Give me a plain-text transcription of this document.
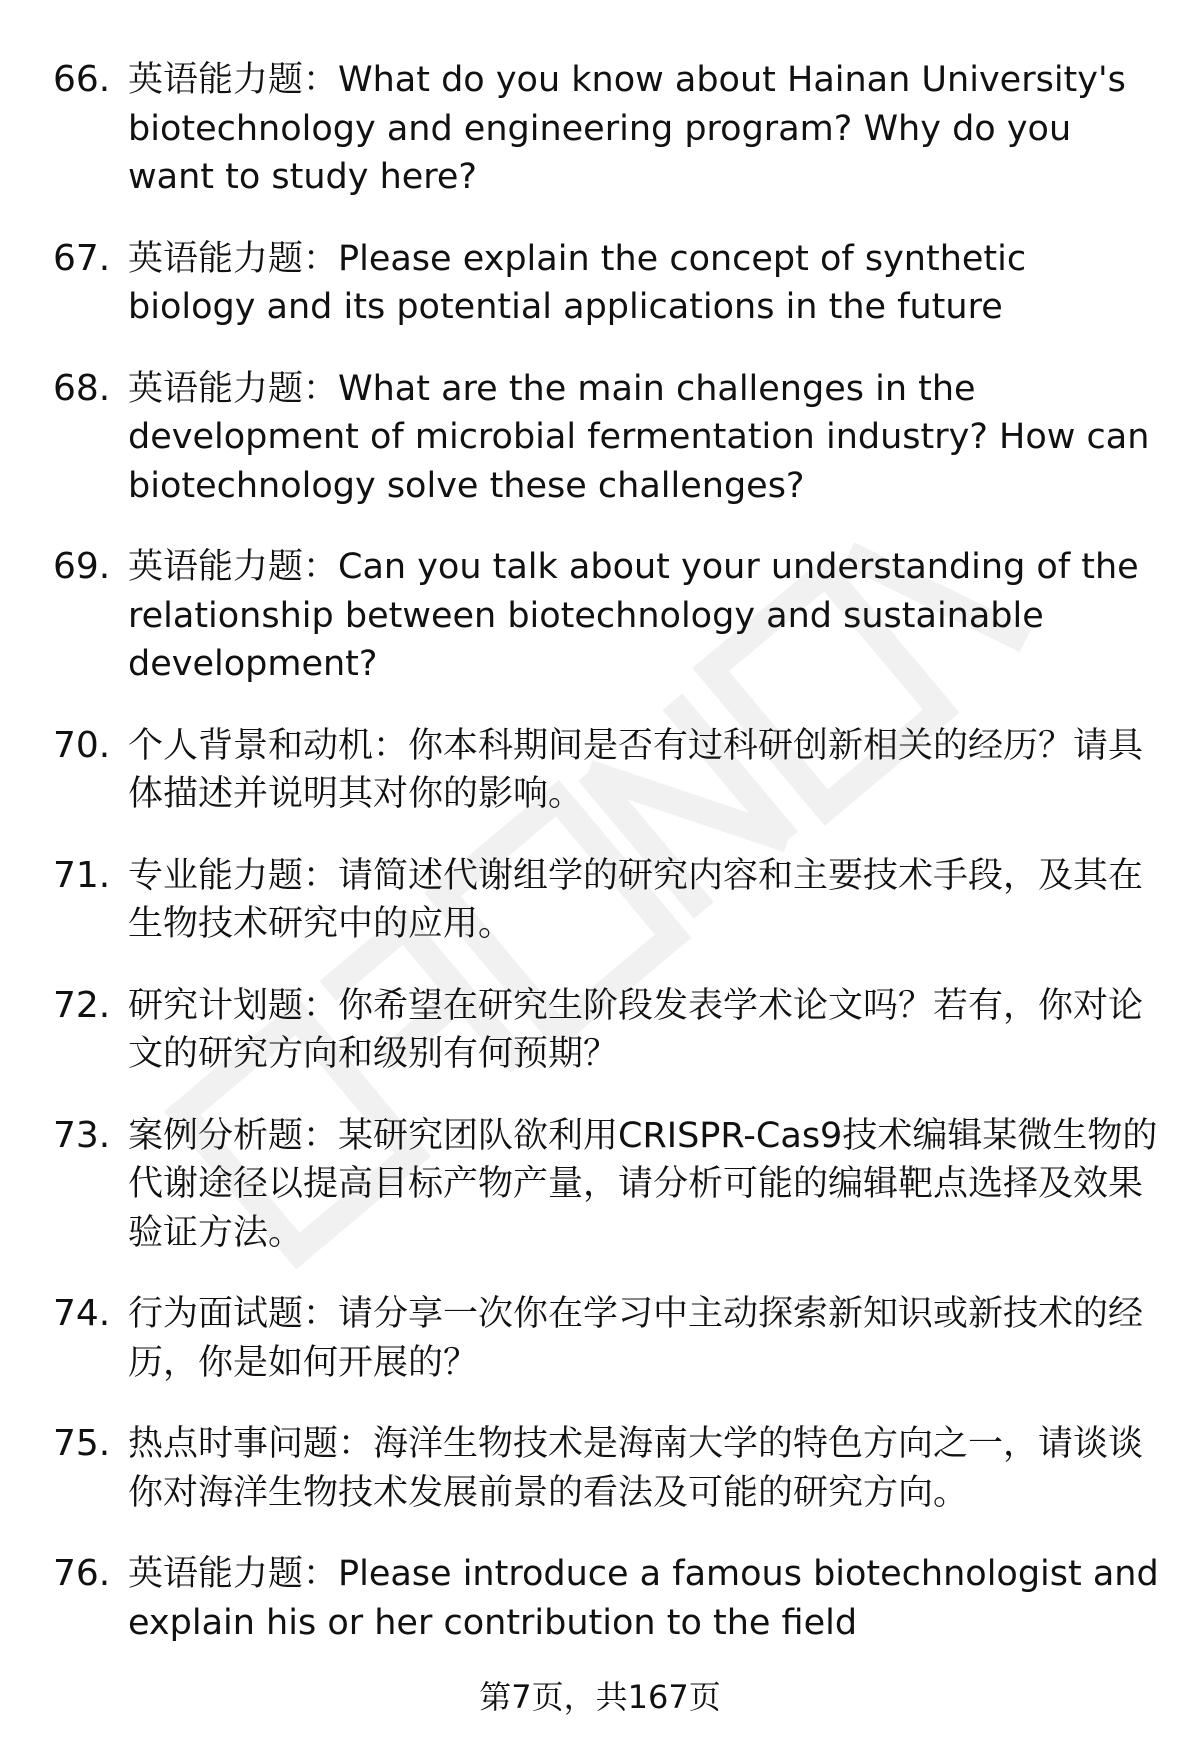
66. 英语能力题：What do you know about Hainan University's biotechnology and engineering program? Why do you want to study here?
67. 英语能力题：Please explain the concept of synthetic biology and its potential applications in the future
68. 英语能力题：What are the main challenges in the development of microbial fermentation industry? How can biotechnology solve these challenges?
69. 英语能力题：Can you talk about your understanding of the relationship between biotechnology and sustainable development?
70. 个人背景和动机：你本科期间是否有过科研创新相关的经历？请具体描述并说明其对你的影响。
71. 专业能力题：请简述代谢组学的研究内容和主要技术手段，及其在生物技术研究中的应用。
72. 研究计划题：你希望在研究生阶段发表学术论文吗？若有，你对论文的研究方向和级别有何预期？
73. 案例分析题：某研究团队欲利用CRISPR-Cas9技术编辑某微生物的代谢途径以提高目标产物产量，请分析可能的编辑靶点选择及效果验证方法。
74. 行为面试题：请分享一次你在学习中主动探索新知识或新技术的经历，你是如何开展的？
75. 热点时事问题：海洋生物技术是海南大学的特色方向之一，请谈谈你对海洋生物技术发展前景的看法及可能的研究方向。
76. 英语能力题：Please introduce a famous biotechnologist and explain his or her contribution to the field
第7页，共167页
